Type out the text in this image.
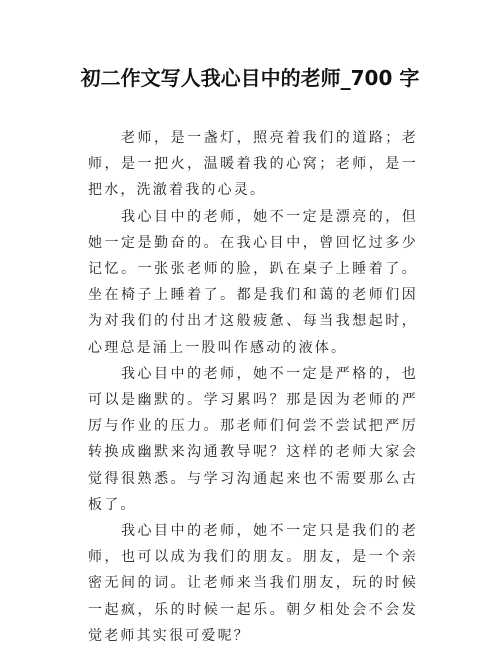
初二作文写人我心目中的老师_700 字

老师，是一盏灯，照亮着我们的道路；老师，是一把火，温暖着我的心窝；老师，是一把水，洗澈着我的心灵。

我心目中的老师，她不一定是漂亮的，但她一定是勤奋的。在我心目中，曾回忆过多少记忆。一张张老师的脸，趴在桌子上睡着了。坐在椅子上睡着了。都是我们和蔼的老师们因为对我们的付出才这般疲惫、每当我想起时，心理总是涌上一股叫作感动的液体。

我心目中的老师，她不一定是严格的，也可以是幽默的。学习累吗？那是因为老师的严厉与作业的压力。那老师们何尝不尝试把严厉转换成幽默来沟通教导呢？这样的老师大家会觉得很熟悉。与学习沟通起来也不需要那么古板了。

我心目中的老师，她不一定只是我们的老师，也可以成为我们的朋友。朋友，是一个亲密无间的词。让老师来当我们朋友，玩的时候一起疯，乐的时候一起乐。朝夕相处会不会发觉老师其实很可爱呢？
